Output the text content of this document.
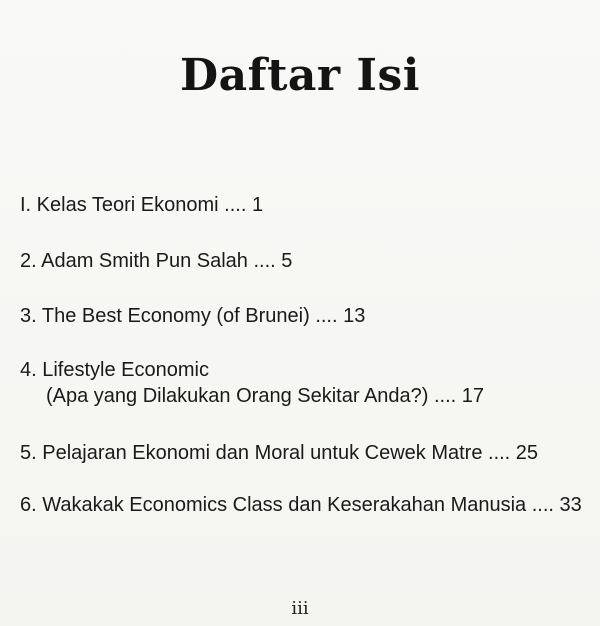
Daftar Isi
I. Kelas Teori Ekonomi .... 1
2. Adam Smith Pun Salah .... 5
3. The Best Economy (of Brunei) .... 13
4. Lifestyle Economic
(Apa yang Dilakukan Orang Sekitar Anda?) .... 17
5. Pelajaran Ekonomi dan Moral untuk Cewek Matre .... 25
6. Wakakak Economics Class dan Keserakahan Manusia .... 33
iii
